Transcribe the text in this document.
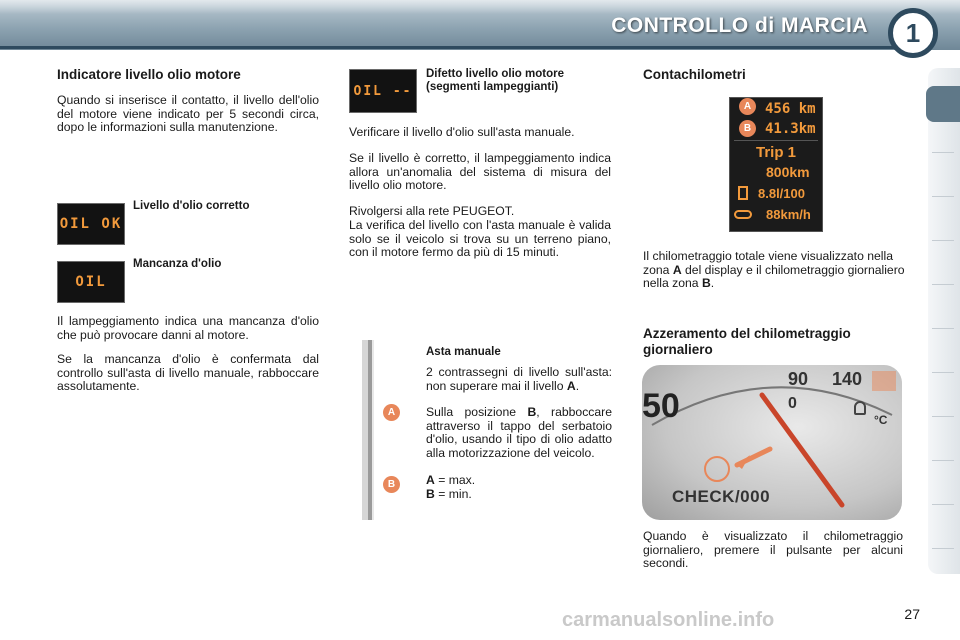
CONTROLLO di MARCIA	1
Indicatore livello olio motore

Quando si inserisce il contatto, il livello dell'olio del motore viene indicato per 5 secondi circa, dopo le informazioni sulla manutenzione.

OIL OK
Livello d'olio corretto
OIL
Mancanza d'olio

Il lampeggiamento indica una mancanza d'olio che può provocare danni al motore.

Se la mancanza d'olio è confermata dal controllo sull'asta di livello manuale, rabboccare assolutamente.

OIL --
Difetto livello olio motore (segmenti lampeggianti)

Verificare il livello d'olio sull'asta manuale.

Se il livello è corretto, il lampeggiamento indica allora un'anomalia del sistema di misura del livello olio motore.

Rivolgersi alla rete PEUGEOT.

La verifica del livello con l'asta manuale è valida solo se il veicolo si trova su un terreno piano, con il motore fermo da più di 15 minuti.

A
B
Asta manuale

2 contrassegni di livello sull'asta: non superare mai il livello A.

Sulla posizione B, rabboccare attraverso il tappo del serbatoio d'olio, usando il tipo di olio adatto alla motorizzazione del veicolo.

A = max.

B = min.

Contachilometri
456 km
41.3km
Trip 1
800km
8.8l/100
88km/h
A
B

Il chilometraggio totale viene visualizzato nella zona A del display e il chilometraggio giornaliero nella zona B.

Azzeramento del chilometraggio giornaliero
50
90 140
0
°C
CHECK/000

Quando è visualizzato il chilometraggio giornaliero, premere il pulsante per alcuni secondi.

carmanualsonline.info	27
